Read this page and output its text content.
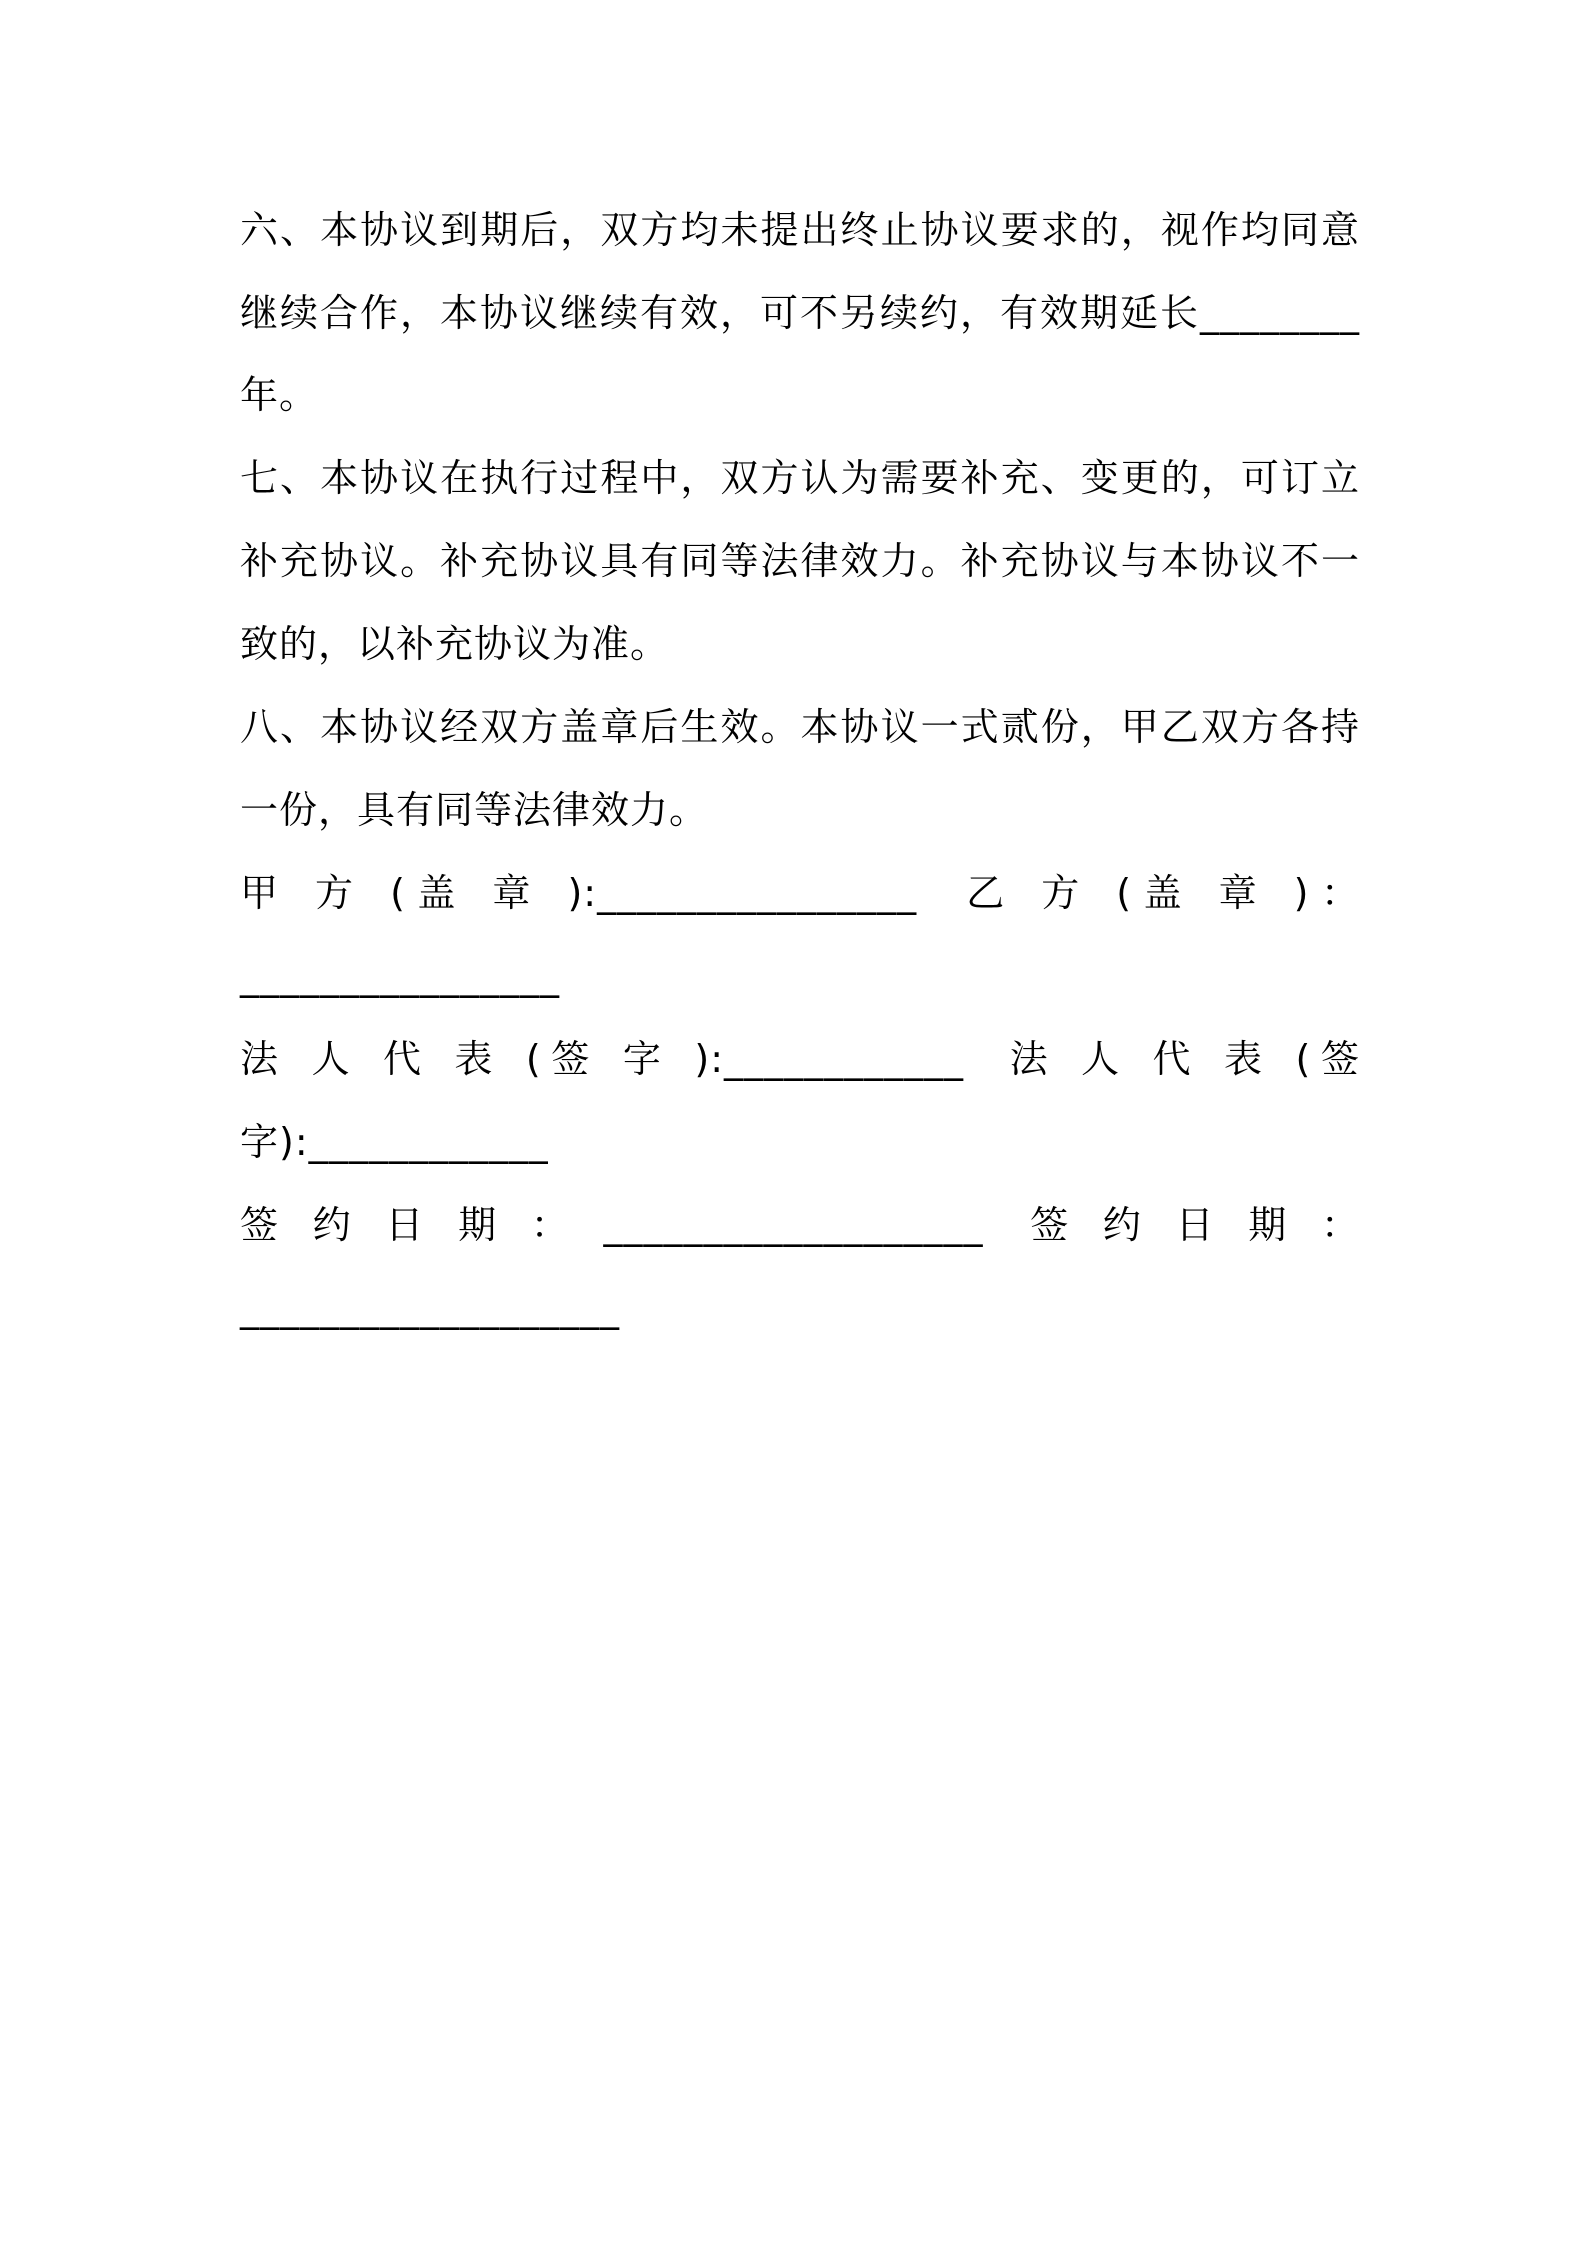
六、本协议到期后，双方均未提出终止协议要求的，视作均同意
继续合作，本协议继续有效，可不另续约，有效期延长________
年。
七、本协议在执行过程中，双方认为需要补充、变更的，可订立
补充协议。补充协议具有同等法律效力。补充协议与本协议不一
致的，以补充协议为准。
八、本协议经双方盖章后生效。本协议一式贰份，甲乙双方各持
一份，具有同等法律效力。
甲 方 (盖 章 ):________________  乙 方 (盖 章 )：
________________
法 人 代 表 (签 字 ):____________  法 人 代 表 (签
字):____________
签 约 日 期 ： ___________________  签 约 日 期 ：
___________________
